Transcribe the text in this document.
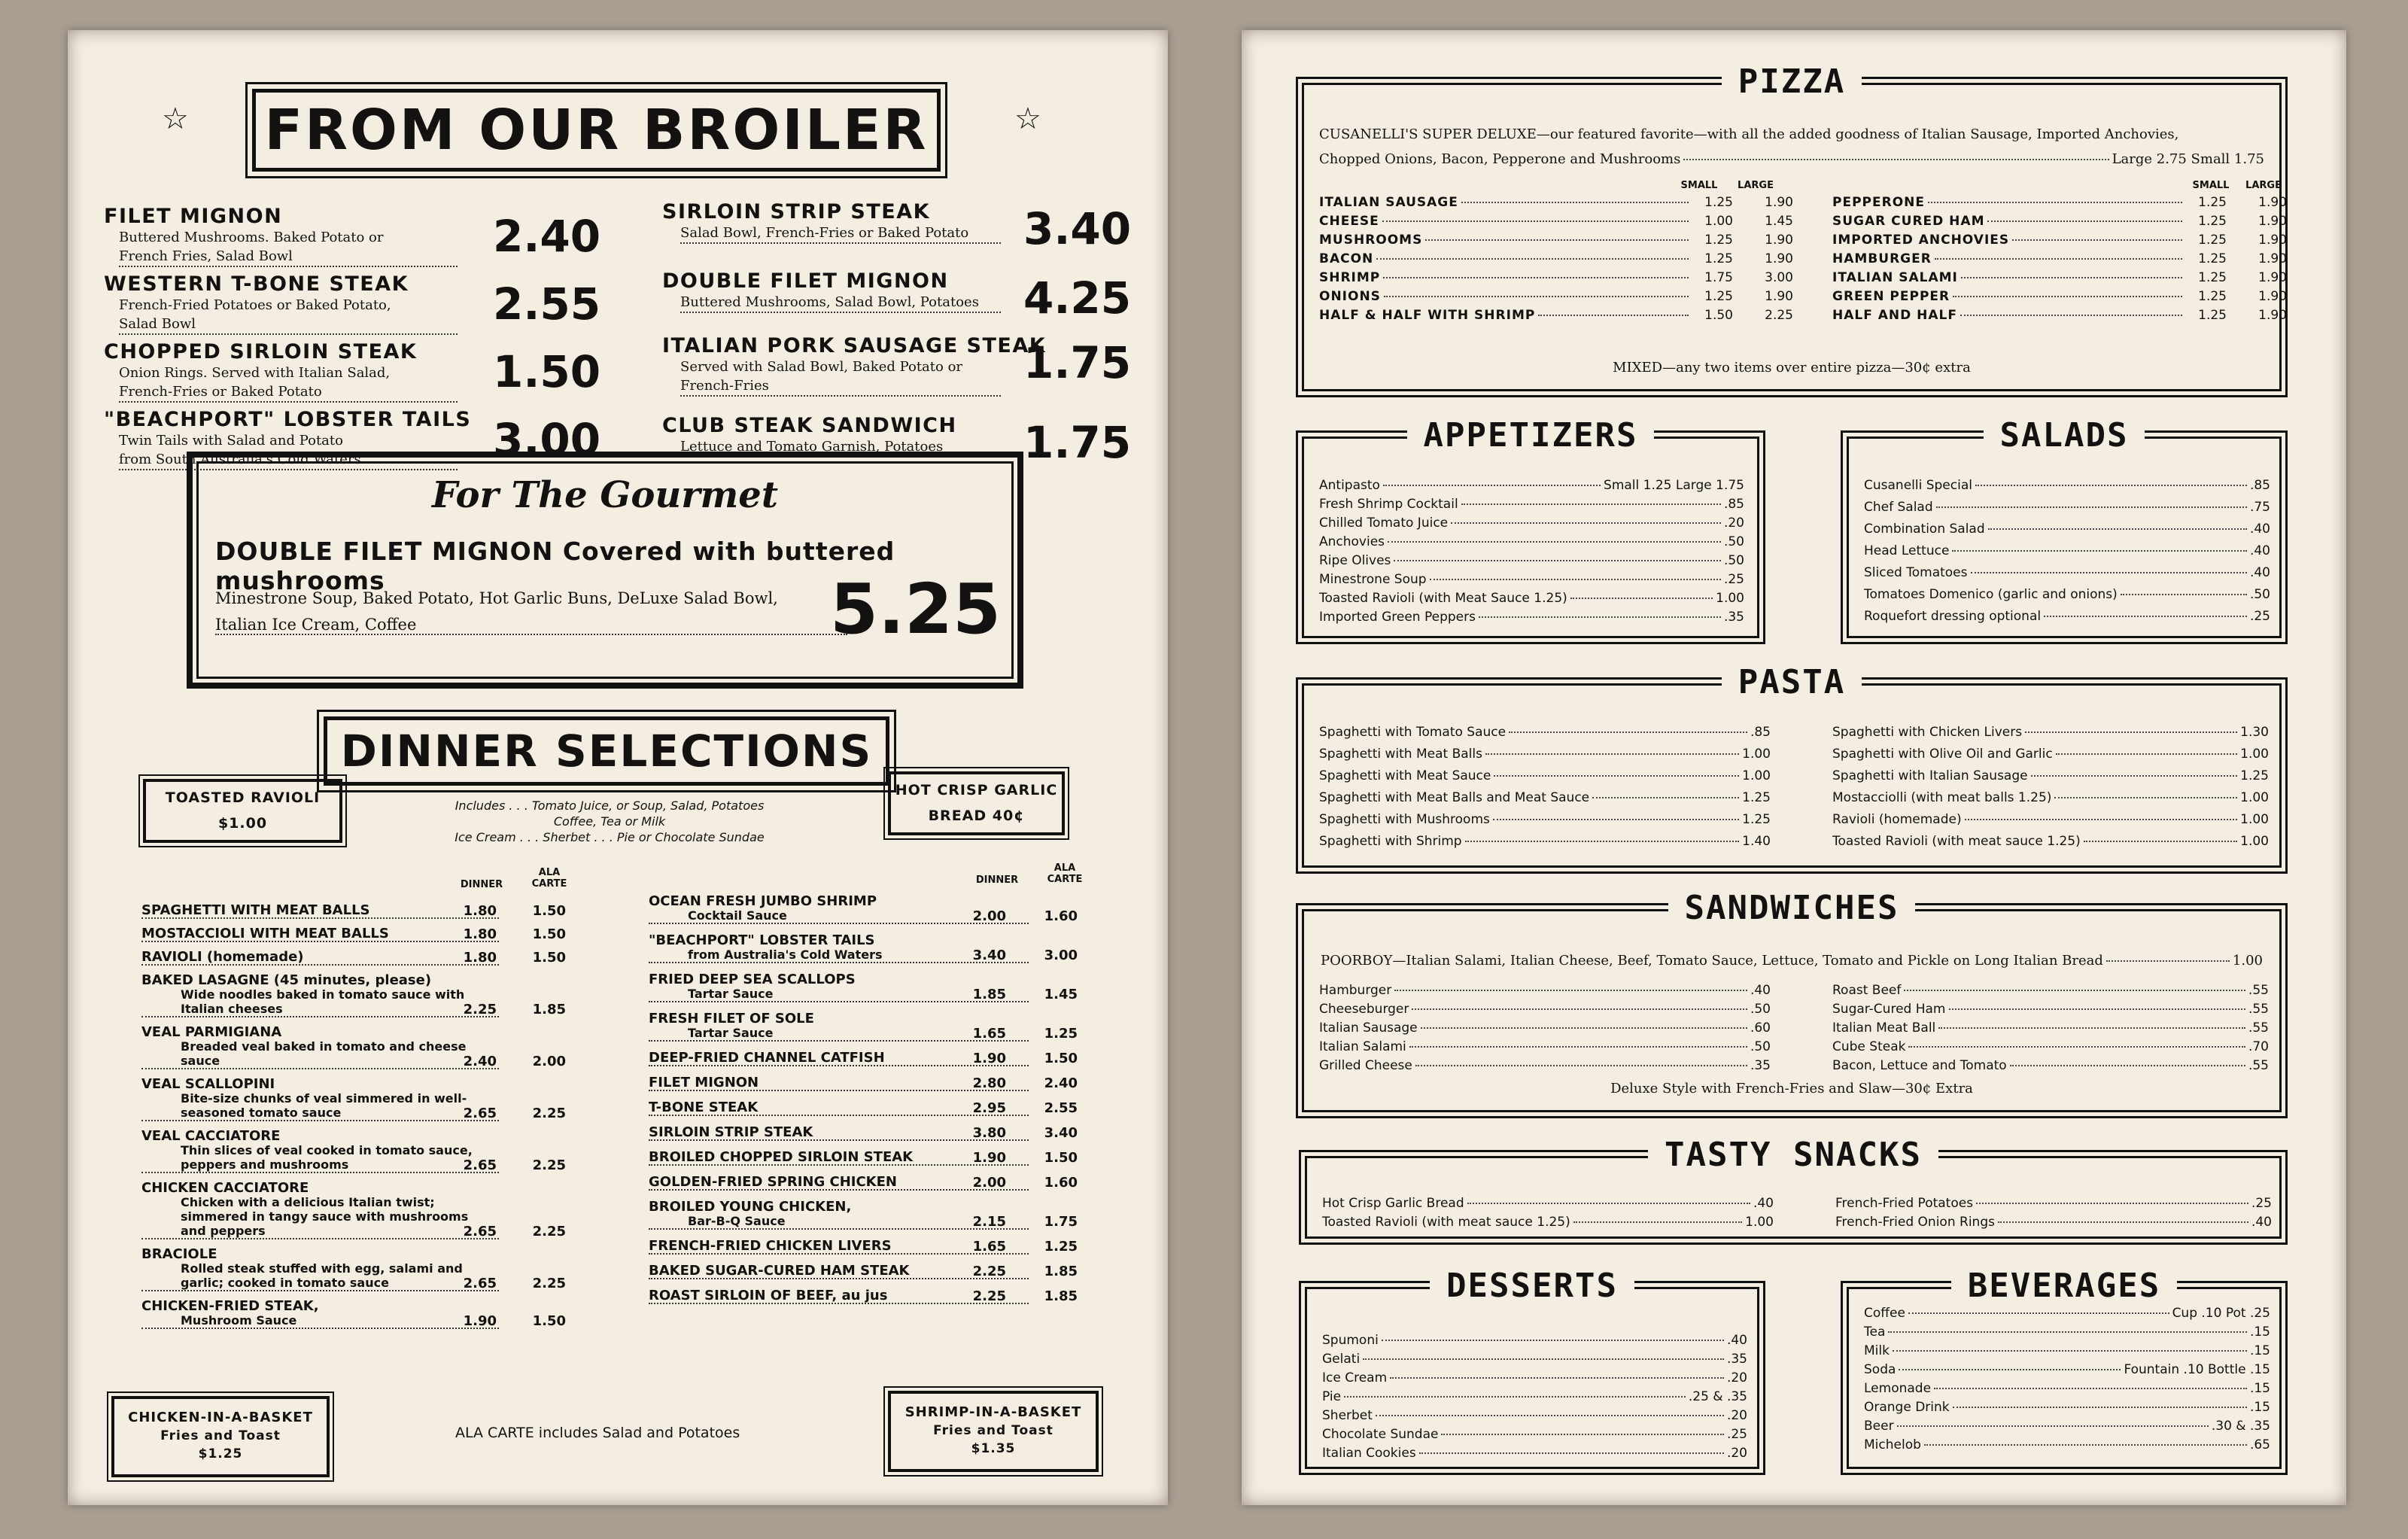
☆ FROM OUR BROILER	☆
FILET MIGNON
Buttered Mushrooms. Baked Potato or
French Fries, Salad Bowl	2.40
WESTERN T-BONE STEAK
French-Fried Potatoes or Baked Potato,
Salad Bowl	2.55
CHOPPED SIRLOIN STEAK
Onion Rings. Served with Italian Salad,
French-Fries or Baked Potato	1.50
"BEACHPORT" LOBSTER TAILS
Twin Tails with Salad and Potato
from South Australia's Cold Waters	3.00
SIRLOIN STRIP STEAK
Salad Bowl, French-Fries or Baked Potato	3.40
DOUBLE FILET MIGNON
Buttered Mushrooms, Salad Bowl, Potatoes	4.25
ITALIAN PORK SAUSAGE STEAK
Served with Salad Bowl, Baked Potato or
French-Fries	1.75
CLUB STEAK SANDWICH
Lettuce and Tomato Garnish, Potatoes	1.75
For The Gourmet
DOUBLE FILET MIGNON Covered with buttered mushrooms
Minestrone Soup, Baked Potato, Hot Garlic Buns, DeLuxe Salad Bowl,
Italian Ice Cream, Coffee	5.25
DINNER SELECTIONS
TOASTED RAVIOLI
$1.00
Includes . . . Tomato Juice, or Soup, Salad, Potatoes
Coffee, Tea or Milk
Ice Cream . . . Sherbet . . . Pie or Chocolate Sundae
HOT CRISP GARLIC
BREAD 40¢
DINNER
ALA
CARTE	DINNER
ALA
CARTE
SPAGHETTI WITH MEAT BALLS	1.80	1.50
MOSTACCIOLI WITH MEAT BALLS	1.80	1.50
RAVIOLI (homemade)	1.80	1.50
BAKED LASAGNE (45 minutes, please)
Wide noodles baked in tomato sauce with
Italian cheeses	2.25	1.85
VEAL PARMIGIANA
Breaded veal baked in tomato and cheese
sauce	2.40	2.00
VEAL SCALLOPINI
Bite-size chunks of veal simmered in well-
seasoned tomato sauce	2.65	2.25
VEAL CACCIATORE
Thin slices of veal cooked in tomato sauce,
peppers and mushrooms	2.65	2.25
CHICKEN CACCIATORE
Chicken with a delicious Italian twist;
simmered in tangy sauce with mushrooms
and peppers	2.65	2.25
BRACIOLE
Rolled steak stuffed with egg, salami and
garlic; cooked in tomato sauce	2.65	2.25
CHICKEN-FRIED STEAK,
Mushroom Sauce	1.90	1.50
OCEAN FRESH JUMBO SHRIMP
Cocktail Sauce	2.00	1.60
"BEACHPORT" LOBSTER TAILS
from Australia's Cold Waters	3.40	3.00
FRIED DEEP SEA SCALLOPS
Tartar Sauce	1.85	1.45
FRESH FILET OF SOLE
Tartar Sauce	1.65	1.25
DEEP-FRIED CHANNEL CATFISH	1.90	1.50
FILET MIGNON	2.80	2.40
T-BONE STEAK	2.95	2.55
SIRLOIN STRIP STEAK	3.80	3.40
BROILED CHOPPED SIRLOIN STEAK	1.90	1.50
GOLDEN-FRIED SPRING CHICKEN	2.00	1.60
BROILED YOUNG CHICKEN,
Bar-B-Q Sauce	2.15	1.75
FRENCH-FRIED CHICKEN LIVERS	1.65	1.25
BAKED SUGAR-CURED HAM STEAK	2.25	1.85
ROAST SIRLOIN OF BEEF, au jus	2.25	1.85
CHICKEN-IN-A-BASKET
Fries and Toast
$1.25
ALA CARTE includes Salad and Potatoes
SHRIMP-IN-A-BASKET
Fries and Toast
$1.35
PIZZA
CUSANELLI'S SUPER DELUXE—our featured favorite—with all the added goodness of Italian Sausage, Imported Anchovies,
Chopped Onions, Bacon, Pepperone and Mushrooms	Large 2.75 Small 1.75
SMALL	LARGE	SMALL	LARGE
ITALIAN SAUSAGE	1.25	1.90
CHEESE	1.00	1.45
MUSHROOMS	1.25	1.90
BACON	1.25	1.90
SHRIMP	1.75	3.00
ONIONS	1.25	1.90
HALF & HALF WITH SHRIMP	1.50	2.25
PEPPERONE	1.25	1.90
SUGAR CURED HAM	1.25	1.90
IMPORTED ANCHOVIES	1.25	1.90
HAMBURGER	1.25	1.90
ITALIAN SALAMI	1.25	1.90
GREEN PEPPER	1.25	1.90
HALF AND HALF	1.25	1.90
MIXED—any two items over entire pizza—30¢ extra
APPETIZERS
Antipasto	Small 1.25 Large 1.75
Fresh Shrimp Cocktail	.85
Chilled Tomato Juice	.20
Anchovies	.50
Ripe Olives	.50
Minestrone Soup	.25
Toasted Ravioli (with Meat Sauce 1.25)	1.00
Imported Green Peppers	.35
SALADS
Cusanelli Special	.85
Chef Salad	.75
Combination Salad	.40
Head Lettuce	.40
Sliced Tomatoes	.40
Tomatoes Domenico (garlic and onions)	.50
Roquefort dressing optional	.25
PASTA
Spaghetti with Tomato Sauce	.85
Spaghetti with Meat Balls	1.00
Spaghetti with Meat Sauce	1.00
Spaghetti with Meat Balls and Meat Sauce	1.25
Spaghetti with Mushrooms	1.25
Spaghetti with Shrimp	1.40
Spaghetti with Chicken Livers	1.30
Spaghetti with Olive Oil and Garlic	1.00
Spaghetti with Italian Sausage	1.25
Mostacciolli (with meat balls 1.25)	1.00
Ravioli (homemade)	1.00
Toasted Ravioli (with meat sauce 1.25)	1.00
SANDWICHES
POORBOY—Italian Salami, Italian Cheese, Beef, Tomato Sauce, Lettuce, Tomato and Pickle on Long Italian Bread	1.00
Hamburger	.40
Cheeseburger	.50
Italian Sausage	.60
Italian Salami	.50
Grilled Cheese	.35
Roast Beef	.55
Sugar-Cured Ham	.55
Italian Meat Ball	.55
Cube Steak	.70
Bacon, Lettuce and Tomato	.55
Deluxe Style with French-Fries and Slaw—30¢ Extra
TASTY SNACKS
Hot Crisp Garlic Bread	.40
Toasted Ravioli (with meat sauce 1.25)	1.00
French-Fried Potatoes	.25
French-Fried Onion Rings	.40
DESSERTS
Spumoni	.40
Gelati	.35
Ice Cream	.20
Pie	.25 & .35
Sherbet	.20
Chocolate Sundae	.25
Italian Cookies	.20
BEVERAGES
Coffee	Cup .10 Pot .25
Tea	.15
Milk	.15
Soda	Fountain .10 Bottle .15
Lemonade	.15
Orange Drink	.15
Beer	.30 & .35
Michelob	.65
